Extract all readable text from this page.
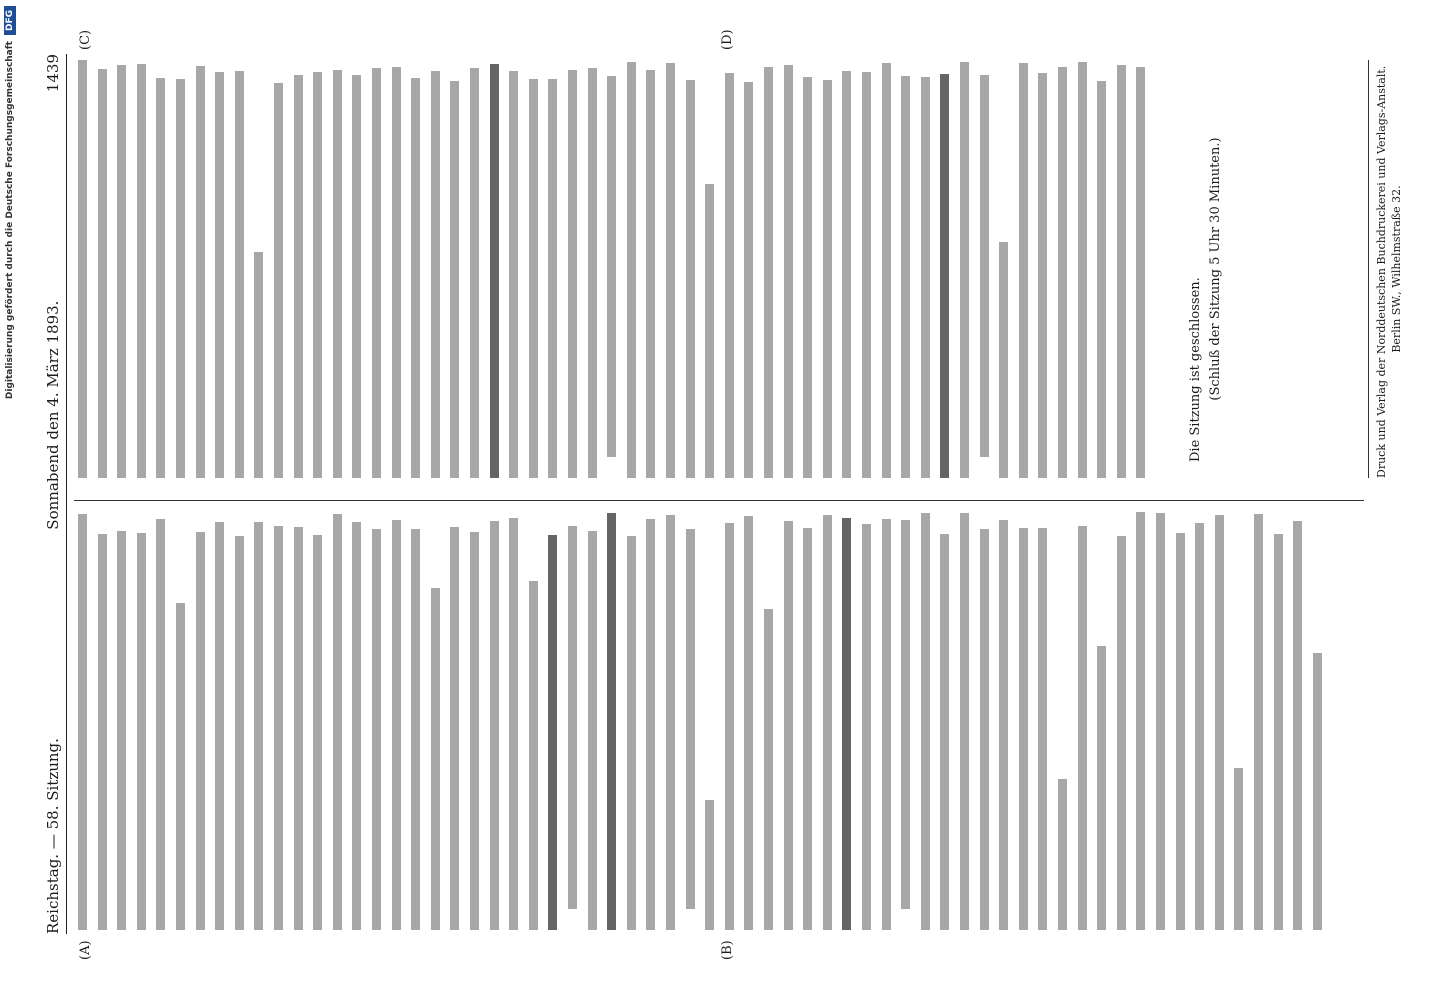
Digitalisierung gefördert durch die Deutsche Forschungsgemeinschaft
DFG
Reichstag. — 58. Sitzung.
Sonnabend den 4. März 1893.
1439
(A)	(B)
(C)	(D)
Die Sitzung ist geschlossen. (Schluß der Sitzung 5 Uhr 30 Minuten.)	Druck und Verlag der Norddeutschen Buchdruckerei und Verlags-Anstalt. Berlin SW., Wilhelmstraße 32.
